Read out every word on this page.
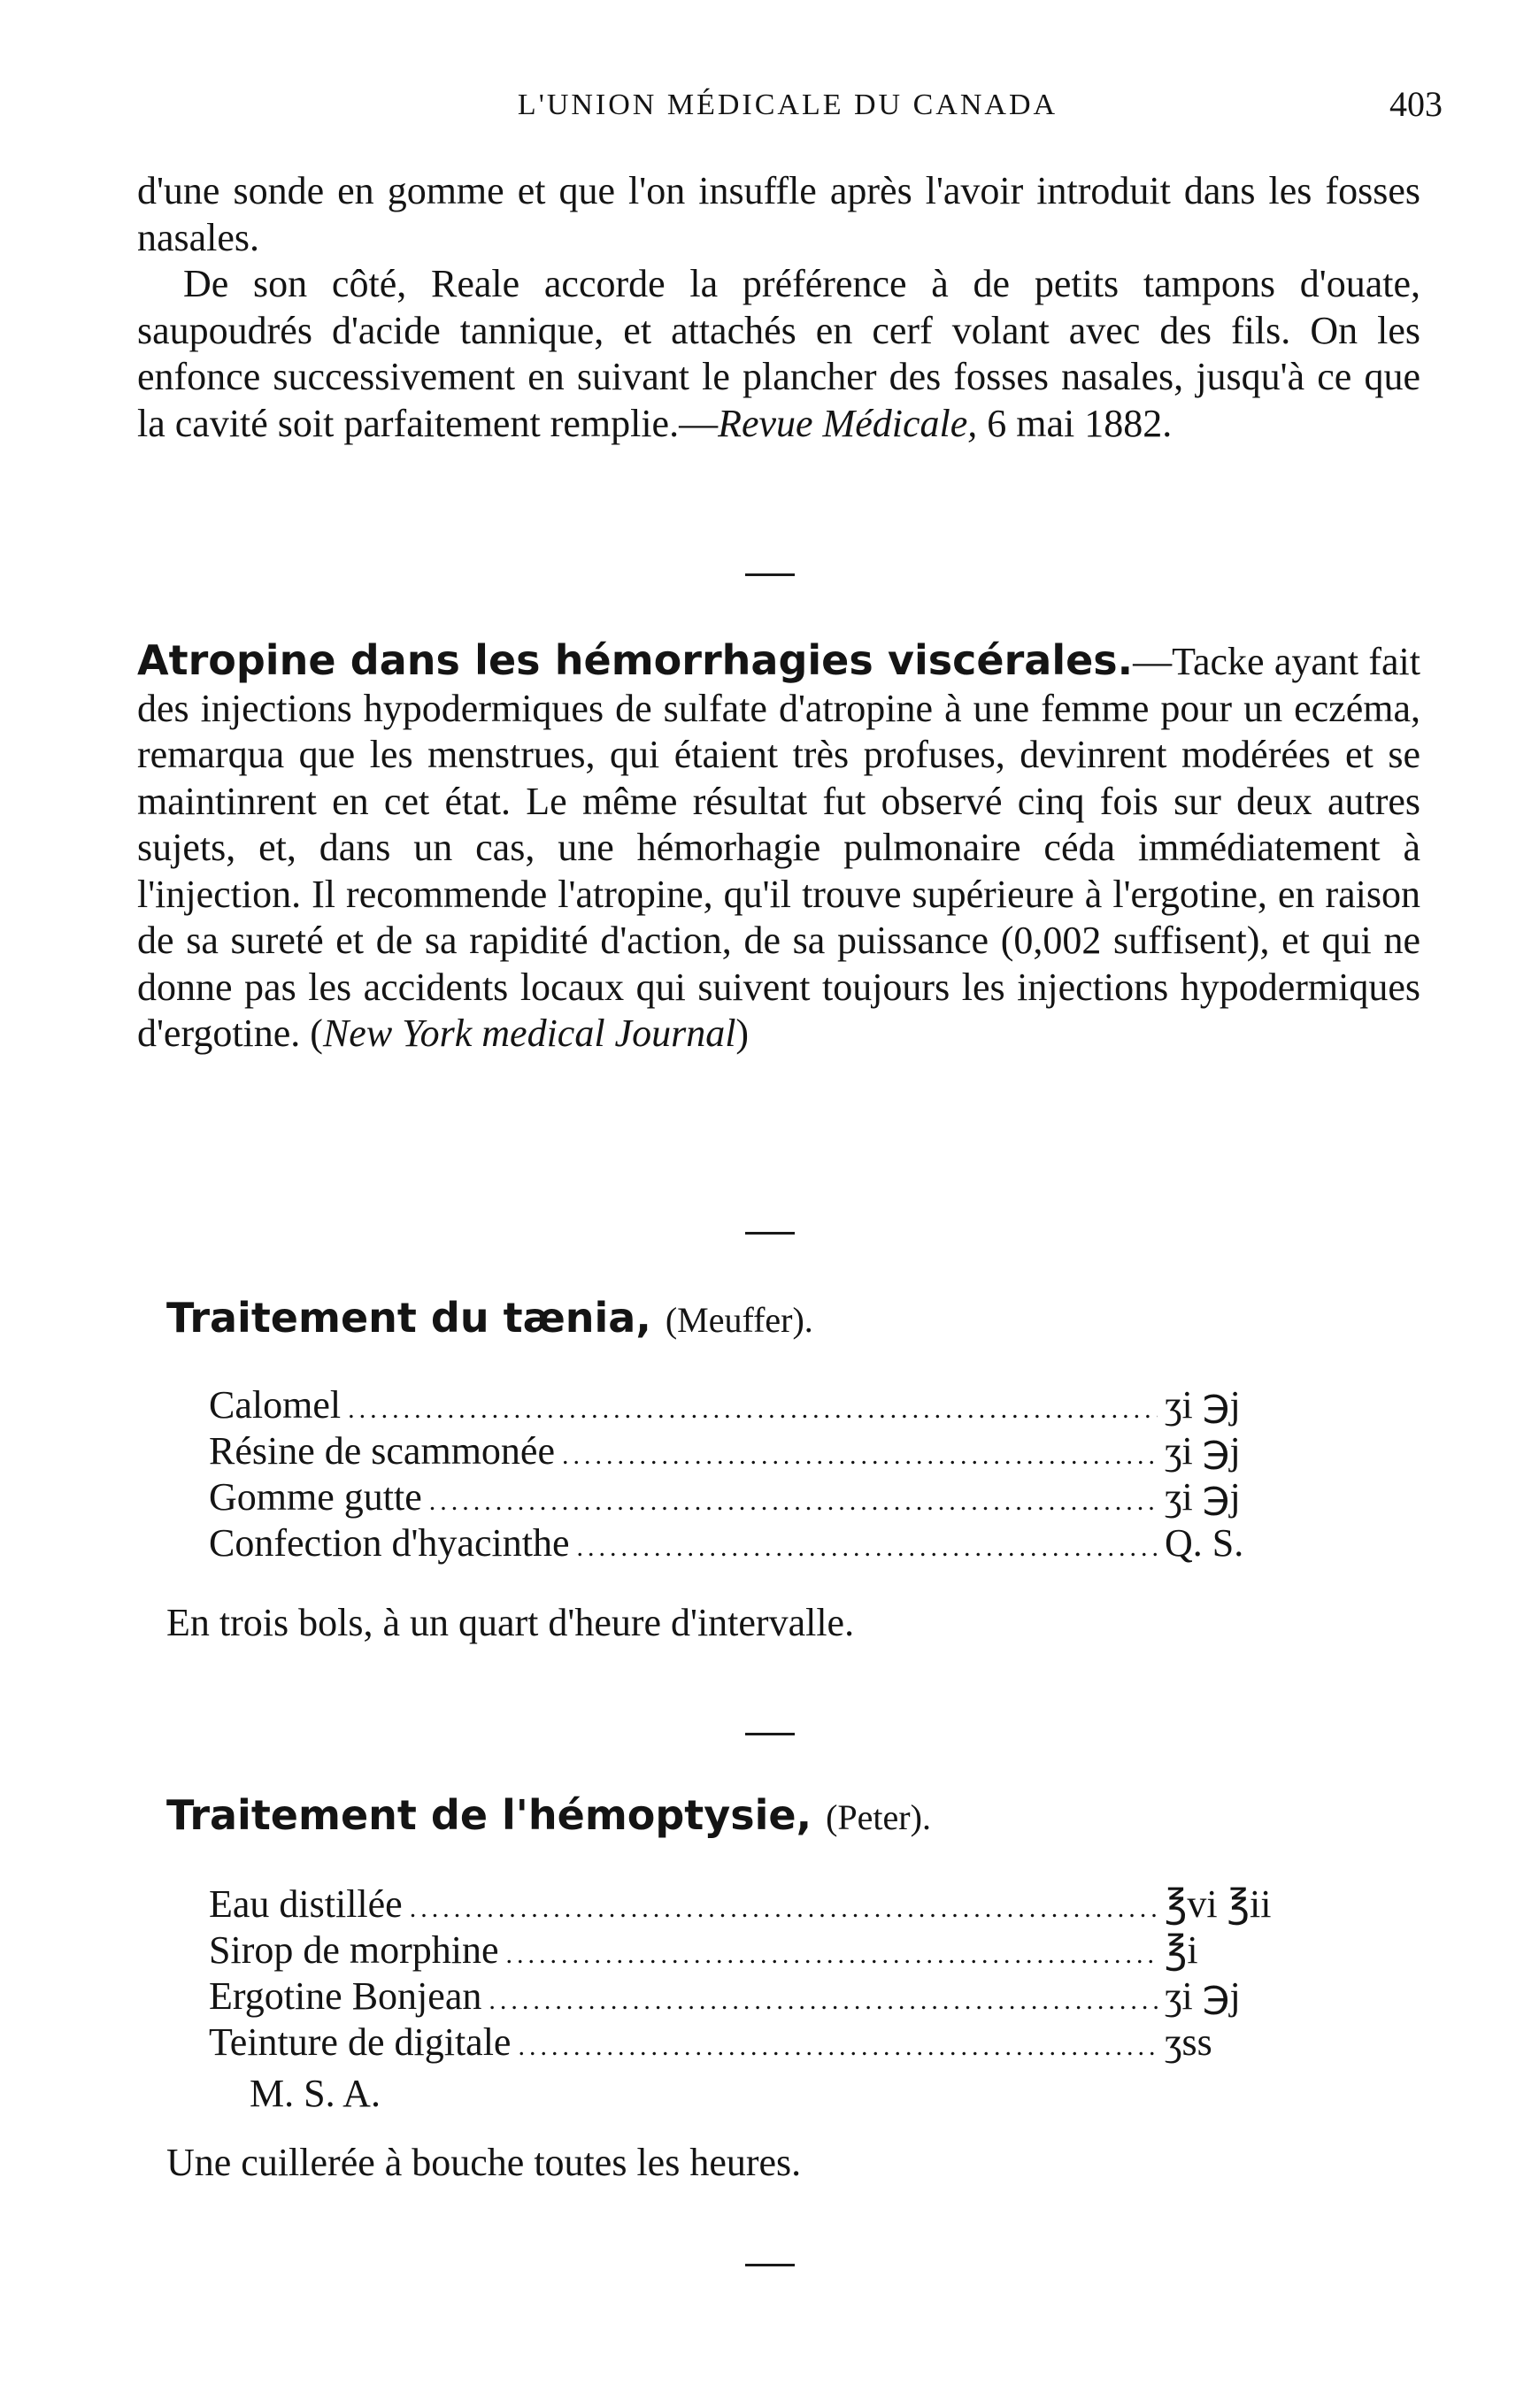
L'UNION MÉDICALE DU CANADA	403

d'une sonde en gomme et que l'on insuffle après l'avoir introduit dans les fosses nasales.

De son côté, Reale accorde la préférence à de petits tampons d'ouate, saupoudrés d'acide tannique, et attachés en cerf volant avec des fils. On les enfonce successivement en suivant le plancher des fosses nasales, jusqu'à ce que la cavité soit parfaitement remplie.—Revue Médicale, 6 mai 1882.

Atropine dans les hémorrhagies viscérales.—Tacke ayant fait des injections hypodermiques de sulfate d'atropine à une femme pour un eczéma, remarqua que les menstrues, qui étaient très profuses, devinrent modérées et se maintinrent en cet état. Le même résultat fut observé cinq fois sur deux autres sujets, et, dans un cas, une hémorhagie pulmonaire céda immédiatement à l'injection. Il recommende l'atropine, qu'il trouve supérieure à l'ergotine, en raison de sa sureté et de sa rapidité d'action, de sa puissance (0,002 suffisent), et qui ne donne pas les accidents locaux qui suivent toujours les injections hypodermiques d'ergotine. (New York medical Journal)

Traitement du tænia, (Meuffer).
Calomel .....	ʒi ℈j
Résine de scammonée .....	ʒi ℈j
Gomme gutte .....	ʒi ℈j
Confection d'hyacinthe .....	Q. S.
En trois bols, à un quart d'heure d'intervalle.
Traitement de l'hémoptysie, (Peter).
Eau distillée .....	℥vi ℥ii
Sirop de morphine .....	℥i
Ergotine Bonjean .....	ʒi ℈j
Teinture de digitale .....	ʒss
M. S. A.
Une cuillerée à bouche toutes les heures.
